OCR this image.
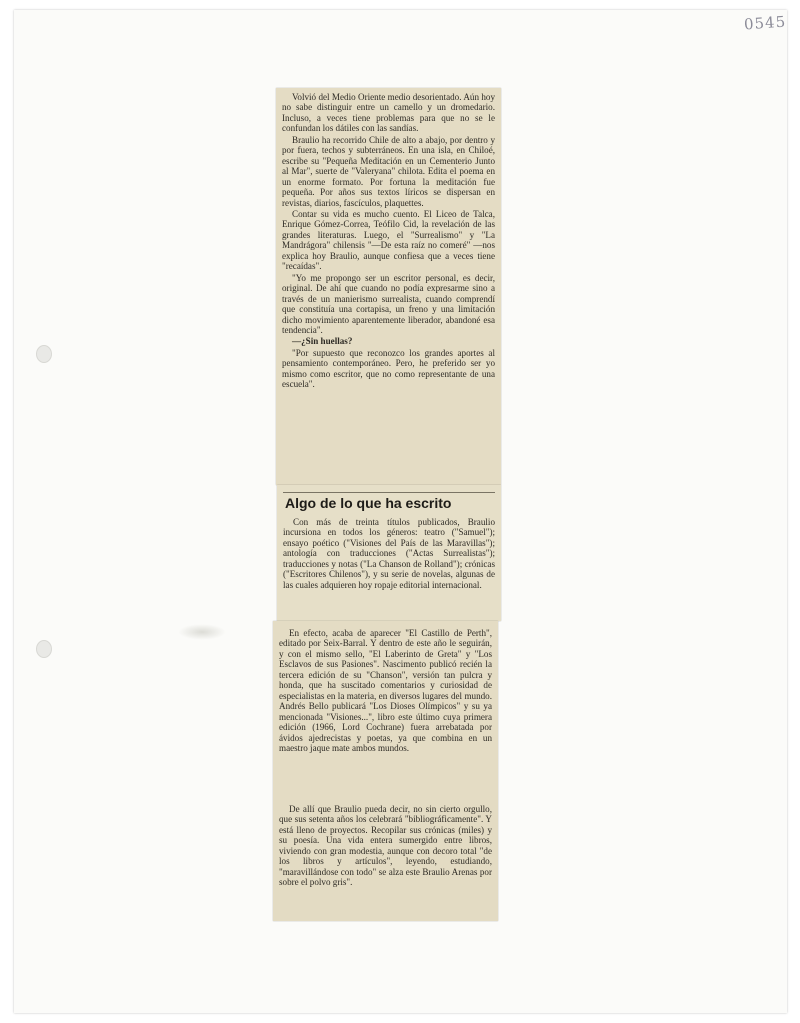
0545

Volvió del Medio Oriente medio desorientado. Aún hoy no sabe distinguir entre un camello y un dromedario. Incluso, a veces tiene problemas para que no se le confundan los dátiles con las sandías.

Braulio ha recorrido Chile de alto a abajo, por dentro y por fuera, techos y subterráneos. En una isla, en Chiloé, escribe su "Pequeña Meditación en un Cementerio Junto al Mar", suerte de "Valeryana" chilota. Edita el poema en un enorme formato. Por fortuna la meditación fue pequeña. Por años sus textos líricos se dispersan en revistas, diarios, fascículos, plaquettes.

Contar su vida es mucho cuento. El Liceo de Talca, Enrique Gómez-Correa, Teófilo Cid, la revelación de las grandes literaturas. Luego, el "Surrealismo" y "La Mandrágora" chilensis "—De esta raíz no comeré" —nos explica hoy Braulio, aunque confiesa que a veces tiene "recaídas".

"Yo me propongo ser un escritor personal, es decir, original. De ahí que cuando no podía expresarme sino a través de un manierismo surrealista, cuando comprendí que constituía una cortapisa, un freno y una limitación dicho movimiento aparentemente liberador, abandoné esa tendencia".

—¿Sin huellas?

"Por supuesto que reconozco los grandes aportes al pensamiento contemporáneo. Pero, he preferido ser yo mismo como escritor, que no como representante de una escuela".

Algo de lo que ha escrito

Con más de treinta títulos publicados, Braulio incursiona en todos los géneros: teatro ("Samuel"); ensayo poético ("Visiones del País de las Maravillas"); antología con traducciones ("Actas Surrealistas"); traducciones y notas ("La Chanson de Rolland"); crónicas ("Escritores Chilenos"), y su serie de novelas, algunas de las cuales adquieren hoy ropaje editorial internacional.

En efecto, acaba de aparecer "El Castillo de Perth", editado por Seix-Barral. Y dentro de este año le seguirán, y con el mismo sello, "El Laberinto de Greta" y "Los Esclavos de sus Pasiones". Nascimento publicó recién la tercera edición de su "Chanson", versión tan pulcra y honda, que ha suscitado comentarios y curiosidad de especialistas en la materia, en diversos lugares del mundo. Andrés Bello publicará "Los Dioses Olímpicos" y su ya mencionada "Visiones...", libro este último cuya primera edición (1966, Lord Cochrane) fuera arrebatada por ávidos ajedrecistas y poetas, ya que combina en un maestro jaque mate ambos mundos.

De allí que Braulio pueda decir, no sin cierto orgullo, que sus setenta años los celebrará "bibliográficamente". Y está lleno de proyectos. Recopilar sus crónicas (miles) y su poesía. Una vida entera sumergido entre libros, viviendo con gran modestia, aunque con decoro total "de los libros y artículos", leyendo, estudiando, "maravillándose con todo" se alza este Braulio Arenas por sobre el polvo gris".
